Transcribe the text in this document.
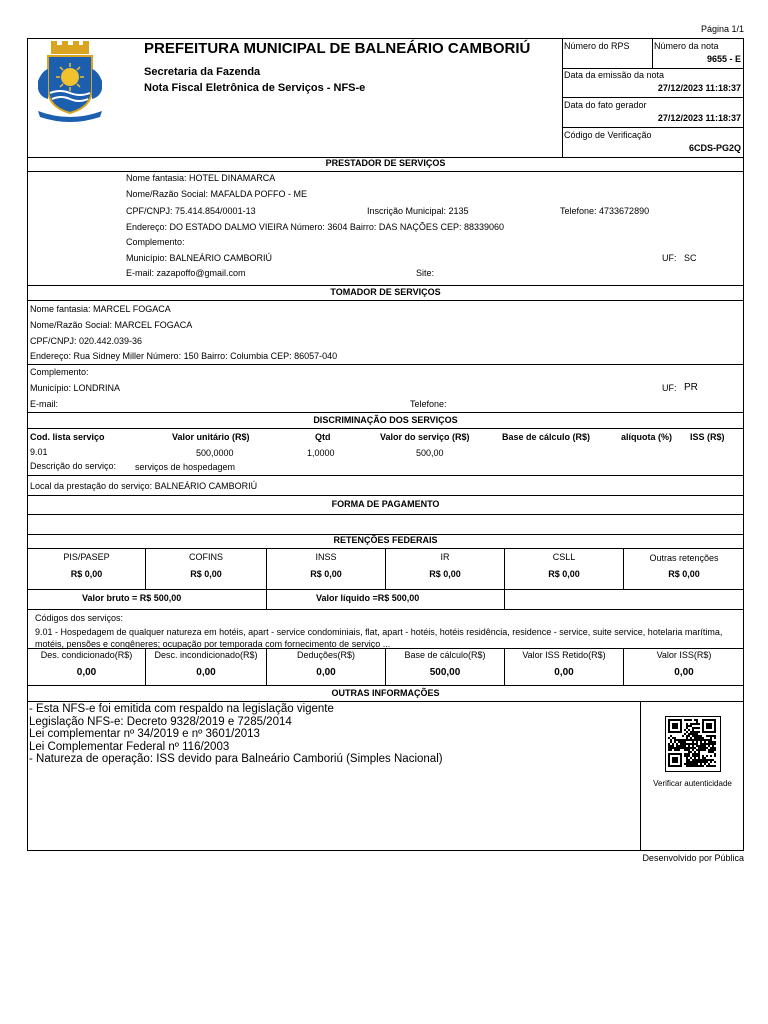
Página 1/1
PREFEITURA MUNICIPAL DE BALNEÁRIO CAMBORIÚ
Secretaria da Fazenda
Nota Fiscal Eletrônica de Serviços - NFS-e
Número do RPS	Número da nota
9655 - E
Data da emissão da nota
27/12/2023 11:18:37
Data do fato gerador
27/12/2023 11:18:37
Código de Verificação
6CDS-PG2Q
PRESTADOR DE SERVIÇOS
Nome fantasia: HOTEL DINAMARCA
Nome/Razão Social: MAFALDA POFFO - ME
CPF/CNPJ: 75.414.854/0001-13	Inscrição Municipal: 2135	Telefone: 4733672890
Endereço: DO ESTADO DALMO VIEIRA Número: 3604 Bairro: DAS NAÇÕES CEP: 88339060
Complemento:
Município: BALNEÁRIO CAMBORIÚ	UF: SC
E-mail: zazapoffo@gmail.com	Site:
TOMADOR DE SERVIÇOS
Nome fantasia: MARCEL FOGACA
Nome/Razão Social: MARCEL FOGACA
CPF/CNPJ: 020.442.039-36
Endereço: Rua Sidney Miller Número: 150 Bairro: Columbia CEP: 86057-040
Complemento:
Município: LONDRINA	UF: PR
E-mail:	Telefone:
DISCRIMINAÇÃO DOS SERVIÇOS
Cod. lista serviço	Valor unitário (R$)	Qtd	Valor do serviço (R$)	Base de cálculo (R$)	alíquota (%) ISS (R$)
9.01	500,0000	1,0000	500,00
Descrição do serviço: serviços de hospedagem
Local da prestação do serviço: BALNEÁRIO CAMBORIÚ
FORMA DE PAGAMENTO
RETENÇÕES FEDERAIS
PIS/PASEP
R$ 0,00
COFINS
R$ 0,00
INSS
R$ 0,00
IR
R$ 0,00
CSLL
R$ 0,00
Outras retenções
R$ 0,00
Valor bruto = R$ 500,00	Valor líquido =R$ 500,00
Códigos dos serviços:
9.01 - Hospedagem de qualquer natureza em hotéis, apart - service condominiais, flat, apart - hotéis, hotéis residência, residence - service, suite service, hotelaria marítima, motéis, pensões e congêneres; ocupação por temporada com fornecimento de serviço ...
Des. condicionado(R$)
0,00
Desc. incondicionado(R$)
0,00
Deduções(R$)
0,00
Base de cálculo(R$)
500,00
Valor ISS Retido(R$)
0,00
Valor ISS(R$)
0,00
OUTRAS INFORMAÇÕES
- Esta NFS-e foi emitida com respaldo na legislação vigente
Legislação NFS-e: Decreto 9328/2019 e 7285/2014
Lei complementar nº 34/2019 e nº 3601/2013
Lei Complementar Federal nº 116/2003
- Natureza de operação: ISS devido para Balneário Camboriú (Simples Nacional)
Verificar autenticidade
Desenvolvido por Pública
